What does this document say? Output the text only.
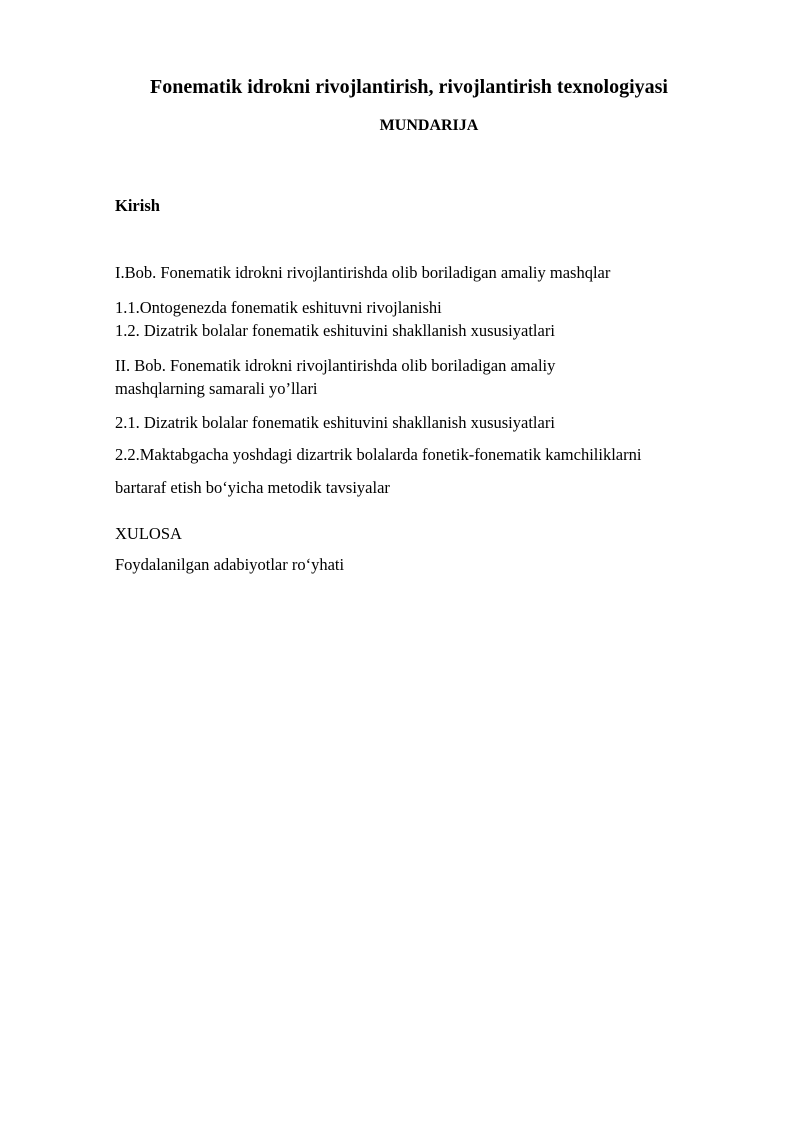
Fonematik idrokni rivojlantirish, rivojlantirish texnologiyasi
MUNDARIJA
Kirish
I.Bob. Fonematik idrokni rivojlantirishda olib boriladigan amaliy mashqlar
1.1.Ontogenezda fonematik eshituvni rivojlanishi
1.2. Dizatrik bolalar fonematik eshituvini shakllanish xususiyatlari
II. Bob. Fonematik idrokni rivojlantirishda olib boriladigan amaliy
mashqlarning samarali yo’llari
2.1. Dizatrik bolalar fonematik eshituvini shakllanish xususiyatlari
2.2.Maktabgacha yoshdagi dizartrik bolalarda fonetik-fonematik kamchiliklarni
bartaraf etish bo‘yicha metodik tavsiyalar
XULOSA
Foydalanilgan adabiyotlar ro‘yhati
